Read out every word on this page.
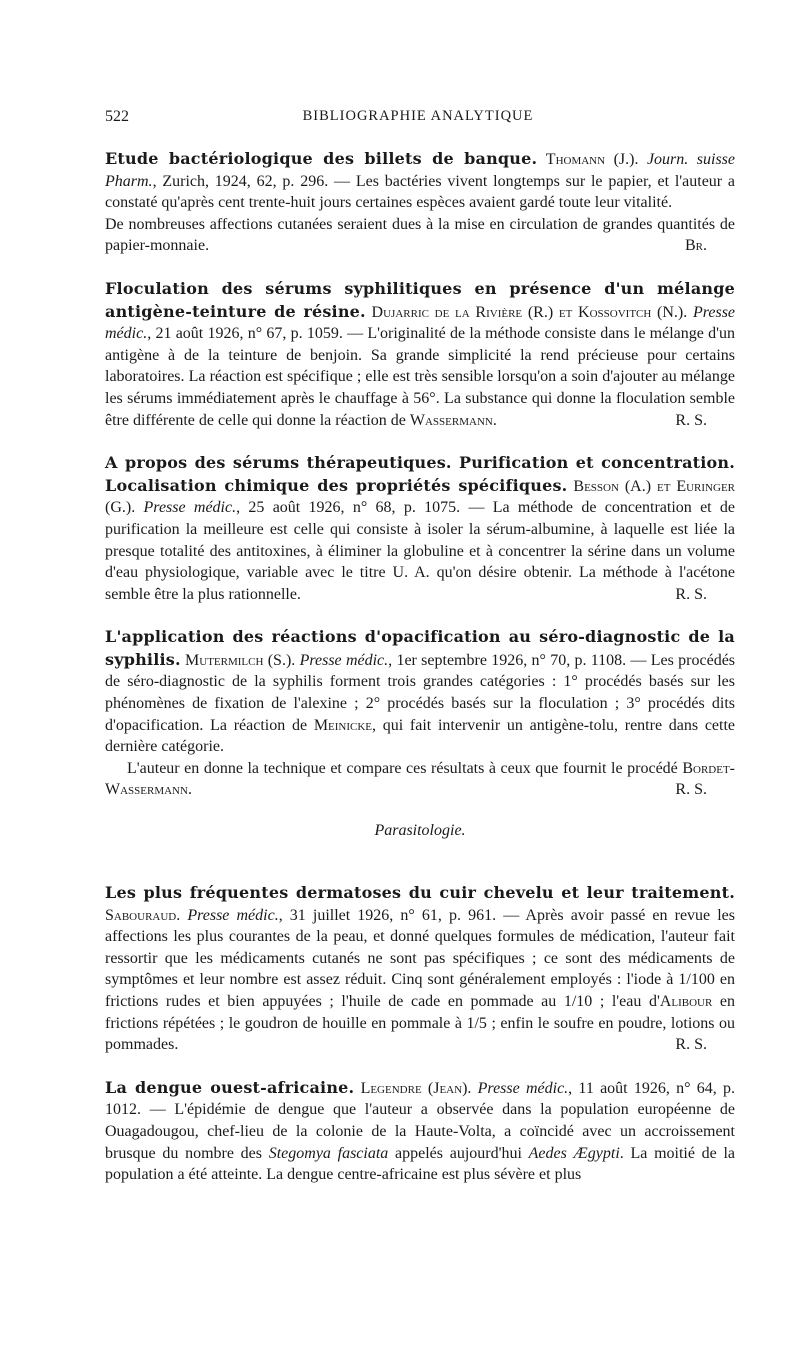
522	BIBLIOGRAPHIE ANALYTIQUE

Etude bactériologique des billets de banque. Thomann (J.). Journ. suisse Pharm., Zurich, 1924, 62, p. 296. — Les bactéries vivent longtemps sur le papier, et l'auteur a constaté qu'après cent trente-huit jours certaines espèces avaient gardé toute leur vitalité.

De nombreuses affections cutanées seraient dues à la mise en circulation de grandes quantités de papier-monnaie.	Br.

Floculation des sérums syphilitiques en présence d'un mélange antigène-teinture de résine. Dujarric de la Rivière (R.) et Kossovitch (N.). Presse médic., 21 août 1926, n° 67, p. 1059. — L'originalité de la méthode consiste dans le mélange d'un antigène à de la teinture de benjoin. Sa grande simplicité la rend précieuse pour certains laboratoires. La réaction est spécifique ; elle est très sensible lorsqu'on a soin d'ajouter au mélange les sérums immédiatement après le chauffage à 56°. La substance qui donne la floculation semble être différente de celle qui donne la réaction de Wassermann.	R. S.

A propos des sérums thérapeutiques. Purification et concentration. Localisation chimique des propriétés spécifiques. Besson (A.) et Euringer (G.). Presse médic., 25 août 1926, n° 68, p. 1075. — La méthode de concentration et de purification la meilleure est celle qui consiste à isoler la sérum-albumine, à laquelle est liée la presque totalité des antitoxines, à éliminer la globuline et à concentrer la sérine dans un volume d'eau physiologique, variable avec le titre U. A. qu'on désire obtenir. La méthode à l'acétone semble être la plus rationnelle.	R. S.

L'application des réactions d'opacification au séro-diagnostic de la syphilis. Mutermilch (S.). Presse médic., 1er septembre 1926, n° 70, p. 1108. — Les procédés de séro-diagnostic de la syphilis forment trois grandes catégories : 1° procédés basés sur les phénomènes de fixation de l'alexine ; 2° procédés basés sur la floculation ; 3° procédés dits d'opacification. La réaction de Meinicke, qui fait intervenir un antigène-tolu, rentre dans cette dernière catégorie.

L'auteur en donne la technique et compare ces résultats à ceux que fournit le procédé Bordet-Wassermann.	R. S.

Parasitologie.

Les plus fréquentes dermatoses du cuir chevelu et leur traitement. Sabouraud. Presse médic., 31 juillet 1926, n° 61, p. 961. — Après avoir passé en revue les affections les plus courantes de la peau, et donné quelques formules de médication, l'auteur fait ressortir que les médicaments cutanés ne sont pas spécifiques ; ce sont des médicaments de symptômes et leur nombre est assez réduit. Cinq sont généralement employés : l'iode à 1/100 en frictions rudes et bien appuyées ; l'huile de cade en pommade au 1/10 ; l'eau d'Alibour en frictions répétées ; le goudron de houille en pommale à 1/5 ; enfin le soufre en poudre, lotions ou pommades.	R. S.

La dengue ouest-africaine. Legendre (Jean). Presse médic., 11 août 1926, n° 64, p. 1012. — L'épidémie de dengue que l'auteur a observée dans la population européenne de Ouagadougou, chef-lieu de la colonie de la Haute-Volta, a coïncidé avec un accroissement brusque du nombre des Stegomya fasciata appelés aujourd'hui Aedes Ægypti. La moitié de la population a été atteinte. La dengue centre-africaine est plus sévère et plus
